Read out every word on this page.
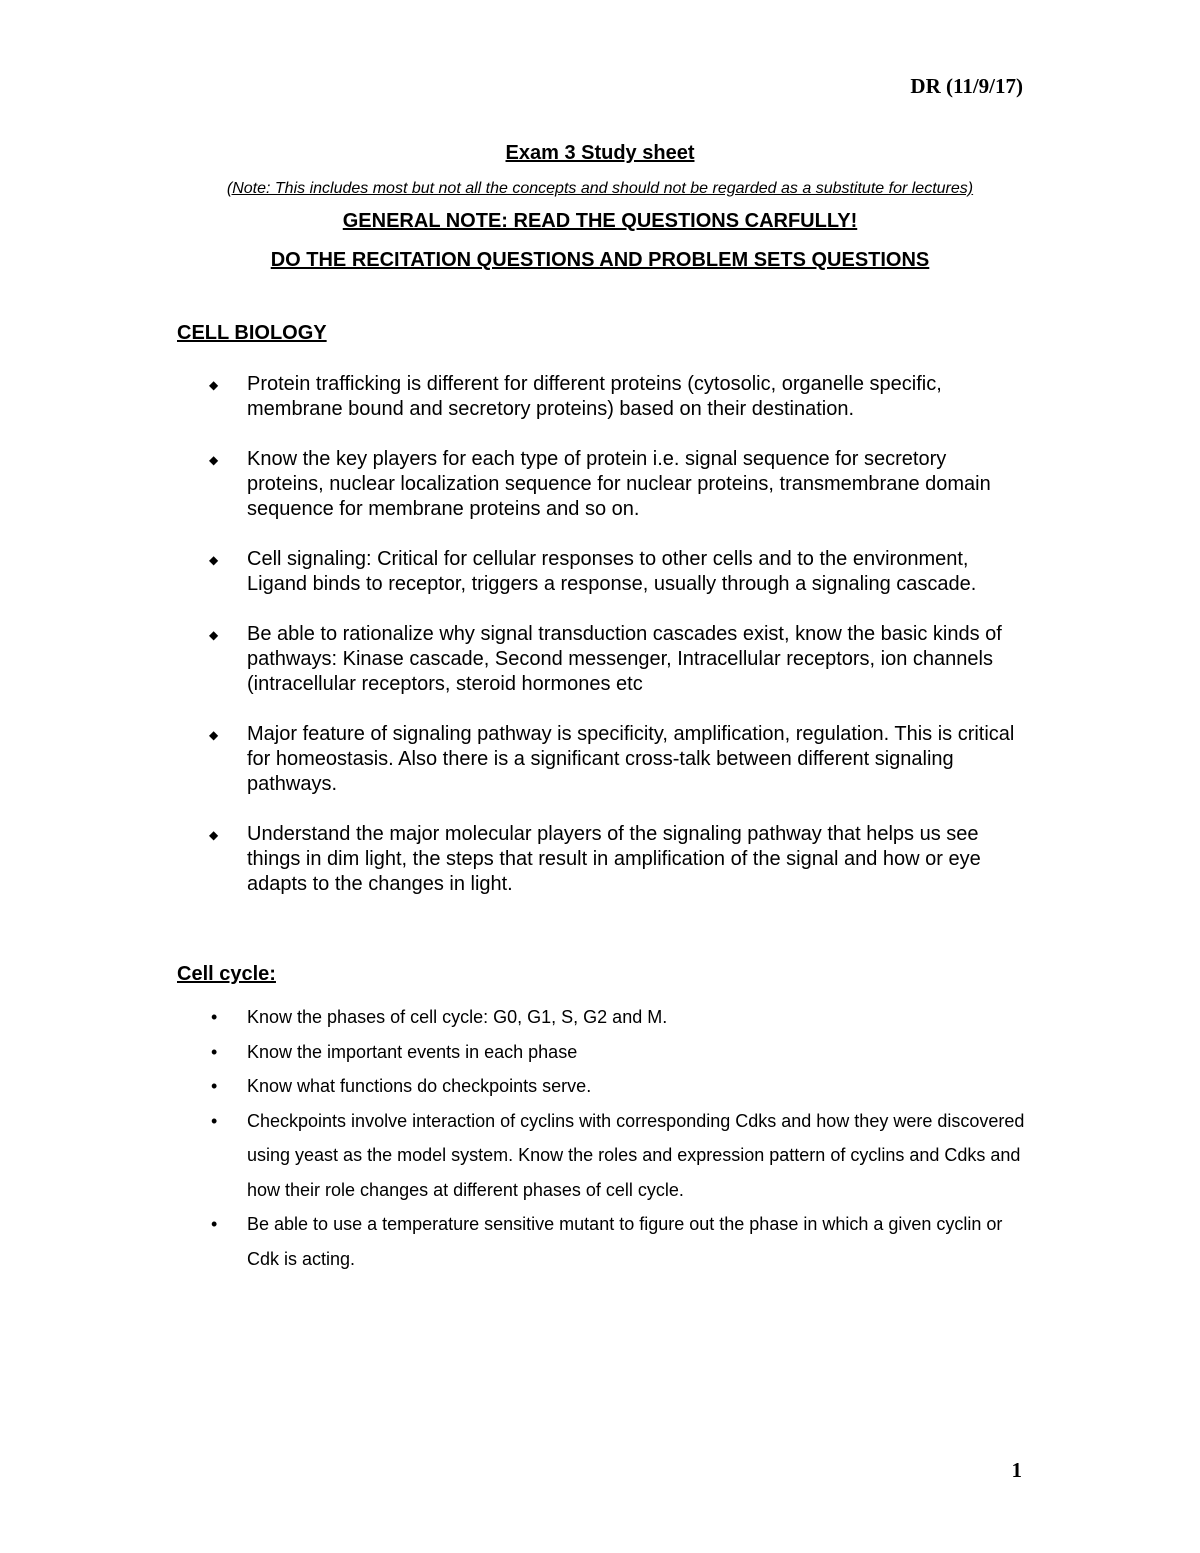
DR (11/9/17)
Exam 3 Study sheet
(Note: This includes most but not all the concepts and should not be regarded as a substitute for lectures)
GENERAL NOTE: READ THE QUESTIONS CARFULLY!
DO THE RECITATION QUESTIONS AND PROBLEM SETS QUESTIONS
CELL BIOLOGY
◆ Protein trafficking is different for different proteins (cytosolic, organelle specific, membrane bound and secretory proteins) based on their destination.
◆ Know the key players for each type of protein i.e. signal sequence for secretory proteins, nuclear localization sequence for nuclear proteins, transmembrane domain sequence for membrane proteins and so on.
◆ Cell signaling: Critical for cellular responses to other cells and to the environment, Ligand binds to receptor, triggers a response, usually through a signaling cascade.
◆ Be able to rationalize why signal transduction cascades exist, know the basic kinds of pathways: Kinase cascade, Second messenger, Intracellular receptors, ion channels (intracellular receptors, steroid hormones etc
◆ Major feature of signaling pathway is specificity, amplification, regulation. This is critical for homeostasis. Also there is a significant cross-talk between different signaling pathways.
◆ Understand the major molecular players of the signaling pathway that helps us see things in dim light, the steps that result in amplification of the signal and how or eye adapts to the changes in light.
Cell cycle:
• Know the phases of cell cycle: G0, G1, S, G2 and M.
• Know the important events in each phase
• Know what functions do checkpoints serve.
• Checkpoints involve interaction of cyclins with corresponding Cdks and how they were discovered using yeast as the model system. Know the roles and expression pattern of cyclins and Cdks and how their role changes at different phases of cell cycle.
• Be able to use a temperature sensitive mutant to figure out the phase in which a given cyclin or Cdk is acting.
1
